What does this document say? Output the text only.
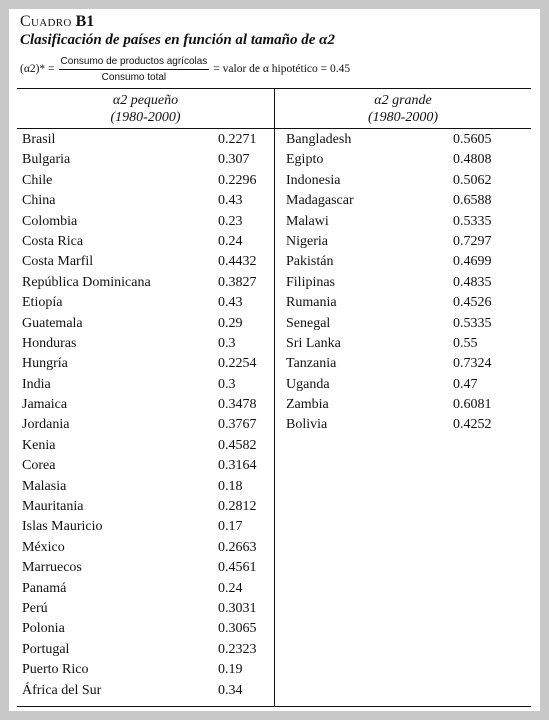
Cuadro B1
Clasificación de países en función al tamaño de α2
$(\alpha 2)* = \frac{\text{Consumo de productos agrícolas}}{\text{Consumo total}}$ = valor de α hipotético = 0.45
α2 pequeño
(1980-2000)
α2 grande
(1980-2000)
Brasil	0.2271
Bulgaria	0.307
Chile	0.2296
China	0.43
Colombia	0.23
Costa Rica	0.24
Costa Marfil	0.4432
República Dominicana	0.3827
Etiopía	0.43
Guatemala	0.29
Honduras	0.3
Hungría	0.2254
India	0.3
Jamaica	0.3478
Jordania	0.3767
Kenia	0.4582
Corea	0.3164
Malasia	0.18
Mauritania	0.2812
Islas Mauricio	0.17
México	0.2663
Marruecos	0.4561
Panamá	0.24
Perú	0.3031
Polonia	0.3065
Portugal	0.2323
Puerto Rico	0.19
África del Sur	0.34
Bangladesh	0.5605
Egipto	0.4808
Indonesia	0.5062
Madagascar	0.6588
Malawi	0.5335
Nigeria	0.7297
Pakistán	0.4699
Filipinas	0.4835
Rumania	0.4526
Senegal	0.5335
Sri Lanka	0.55
Tanzania	0.7324
Uganda	0.47
Zambia	0.6081
Bolivia	0.4252
